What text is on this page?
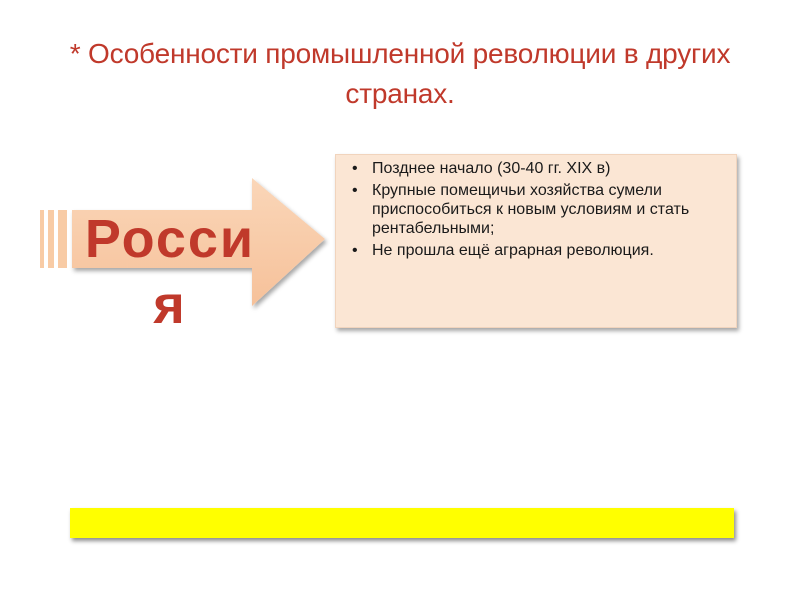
* Особенности промышленной революции в других странах.
Россия
• Позднее начало (30-40 гг. XIX в)
• Крупные помещичьи хозяйства сумели приспособиться к новым условиям и стать рентабельными;
• Не прошла ещё аграрная революция.
